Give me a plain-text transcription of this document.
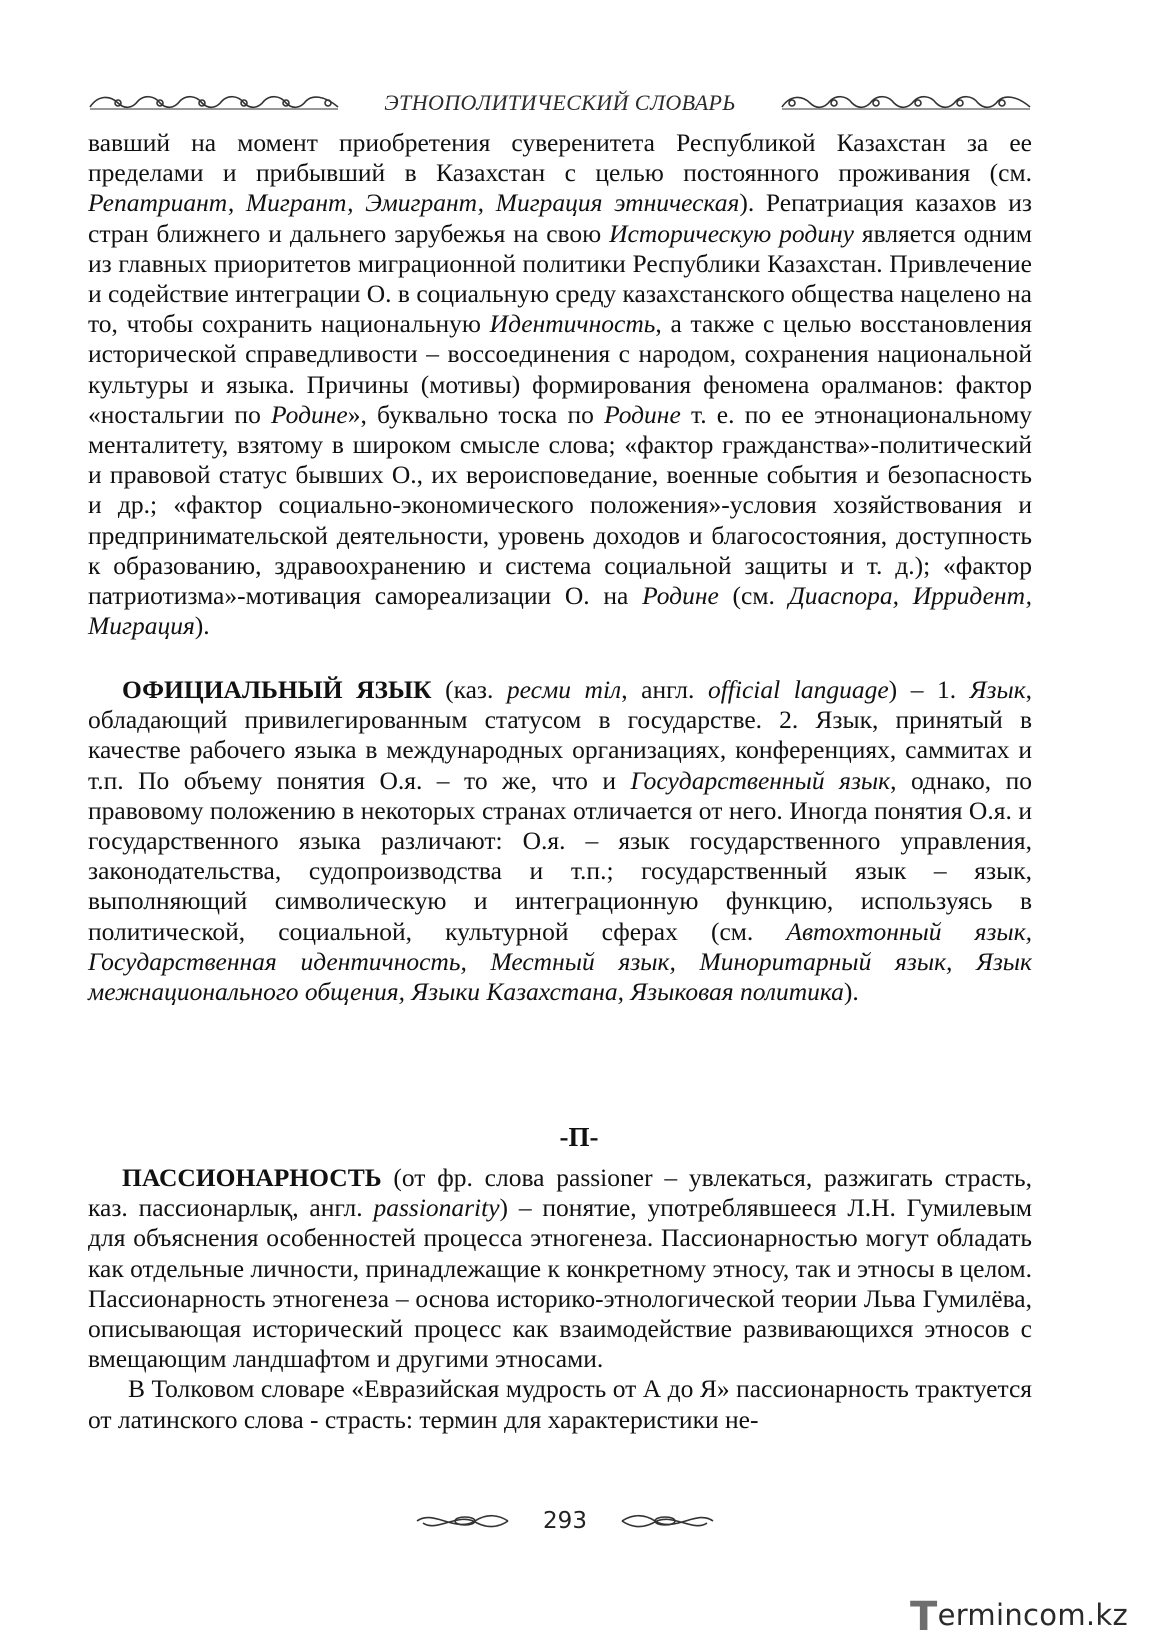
ЭТНОПОЛИТИЧЕСКИЙ СЛОВАРЬ

вавший на момент приобретения суверенитета Республикой Казахстан за ее пределами и прибывший в Казахстан с целью постоянного проживания (см. Репатриант, Мигрант, Эмигрант, Миграция этническая). Репатриация казахов из стран ближнего и дальнего зарубежья на свою Историческую родину является одним из главных приоритетов миграционной политики Республики Казахстан. Привлечение и содействие интеграции О. в социальную среду казахстанского общества нацелено на то, чтобы сохранить национальную Идентичность, а также с целью восстановления исторической справедливости – воссоединения с народом, сохранения национальной культуры и языка. Причины (мотивы) формирования феномена оралманов: фактор «ностальгии по Родине», буквально тоска по Родине т. е. по ее этнонациональному менталитету, взятому в широком смысле слова; «фактор гражданства»-политический и правовой статус бывших О., их вероисповедание, военные события и безопасность и др.; «фактор социально-экономического положения»-условия хозяйствования и предпринимательской деятельности, уровень доходов и благосостояния, доступность к образованию, здравоохранению и система социальной защиты и т. д.); «фактор патриотизма»-мотивация самореализации О. на Родине (см. Диаспора, Ирридент, Миграция).

ОФИЦИАЛЬНЫЙ ЯЗЫК (каз. ресми тіл, англ. official language) – 1. Язык, обладающий привилегированным статусом в государстве. 2. Язык, принятый в качестве рабочего языка в международных организациях, конференциях, саммитах и т.п. По объему понятия О.я. – то же, что и Государственный язык, однако, по правовому положению в некоторых странах отличается от него. Иногда понятия О.я. и государственного языка различают: О.я. – язык государственного управления, законодательства, судопроизводства и т.п.; государственный язык – язык, выполняющий символическую и интеграционную функцию, используясь в политической, социальной, культурной сферах (см. Автохтонный язык, Государственная идентичность, Местный язык, Миноритарный язык, Язык межнационального общения, Языки Казахстана, Языковая политика).

-П-

ПАССИОНАРНОСТЬ (от фр. слова passioner – увлекаться, разжигать страсть, каз. пассионарлық, англ. passionarity) – понятие, употреблявшееся Л.Н. Гумилевым для объяснения особенностей процесса этногенеза. Пассионарностью могут обладать как отдельные личности, принадлежащие к конкретному этносу, так и этносы в целом. Пассионарность этногенеза – основа историко-этнологической теории Льва Гумилёва, описывающая исторический процесс как взаимодействие развивающихся этносов с вмещающим ландшафтом и другими этносами.

В Толковом словаре «Евразийская мудрость от А до Я» пассионарность трактуется от латинского слова - страсть: термин для характеристики не-

293
Termincom.kz
